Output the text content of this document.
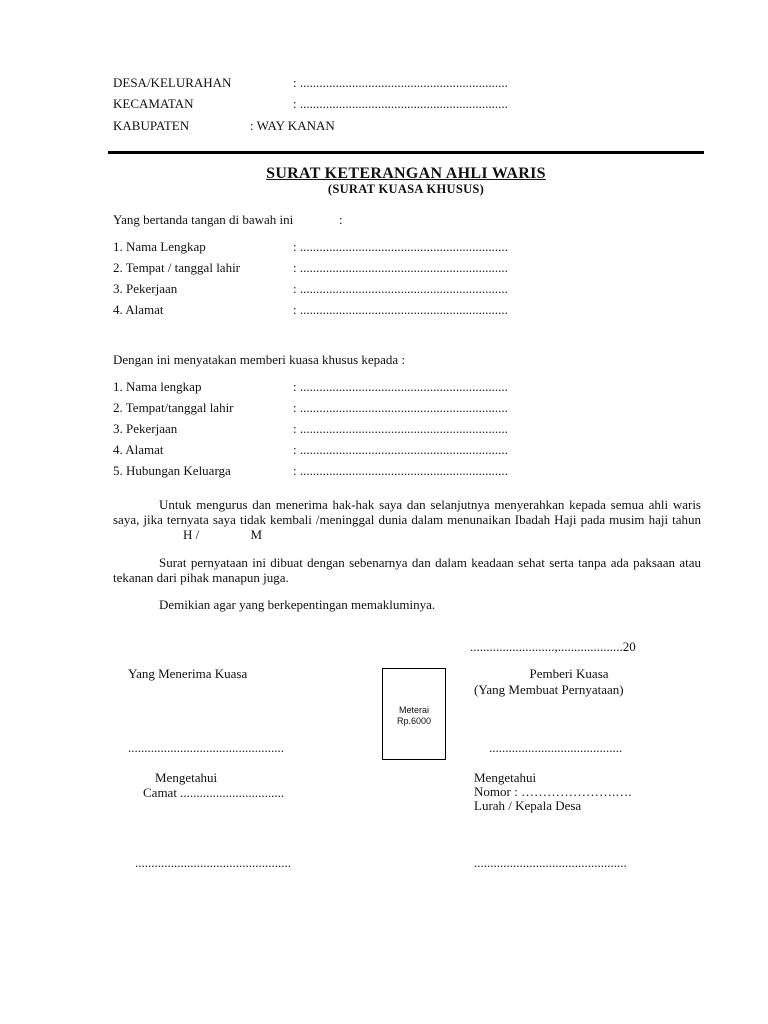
DESA/KELURAHAN	: ................................................................
KECAMATAN	: ................................................................
KABUPATEN	: WAY KANAN
SURAT KETERANGAN AHLI WARIS
(SURAT KUASA KHUSUS)
Yang bertanda tangan di bawah ini	:
1. Nama Lengkap	: ................................................................
2. Tempat / tanggal lahir	: ................................................................
3. Pekerjaan	: ................................................................
4. Alamat	: ................................................................
Dengan ini menyatakan memberi kuasa khusus kepada :
1. Nama lengkap	: ................................................................
2. Tempat/tanggal lahir	: ................................................................
3. Pekerjaan	: ................................................................
4. Alamat	: ................................................................
5. Hubungan Keluarga	: ................................................................
Untuk mengurus dan menerima hak-hak saya dan selanjutnya menyerahkan kepada semua ahli waris saya, jika ternyata saya tidak kembali /meninggal dunia dalam menunaikan Ibadah Haji pada musim haji tahun H /	M
Surat pernyataan ini dibuat dengan sebenarnya dan dalam keadaan sehat serta tanpa ada paksaan atau tekanan dari pihak manapun juga.
Demikian agar yang berkepentingan memakluminya.
..........................,....................20
Yang Menerima Kuasa	Pemberi Kuasa
(Yang Membuat Pernyataan)
Meterai
Rp.6000
................................................	.........................................
Mengetahui
Camat ................................
Mengetahui
Nomor : ………………….….
Lurah / Kepala Desa
................................................	...............................................
